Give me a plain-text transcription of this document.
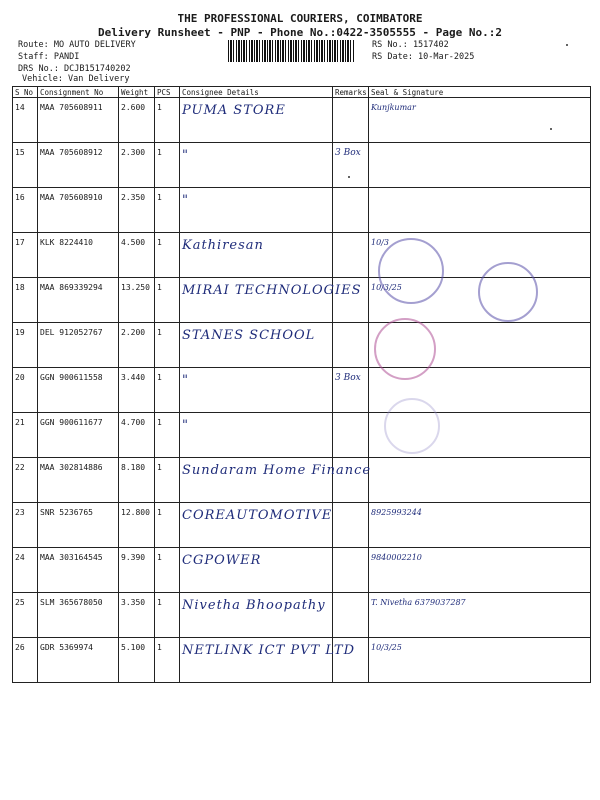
THE PROFESSIONAL COURIERS, COIMBATORE
Delivery Runsheet - PNP - Phone No.:0422-3505555 - Page No.:2
Route: MO AUTO DELIVERY
Staff: PANDI
DRS No.: DCJB151740202
Vehicle: Van Delivery
RS No.: 1517402
RS Date: 10-Mar-2025
S No	Consignment No	Weight	PCS	Consignee Details	Remarks	Seal & Signature
14	MAA 705608911	2.600	1	PUMA STORE		Kunjkumar
15	MAA 705608912	2.300	1	"	3 Box	
16	MAA 705608910	2.350	1	"		
17	KLK 8224410	4.500	1	Kathiresan		10/3
18	MAA 869339294	13.250	1	MIRAI TECHNOLOGIES		10/3/25
19	DEL 912052767	2.200	1	STANES SCHOOL		
20	GGN 900611558	3.440	1	"	3 Box	
21	GGN 900611677	4.700	1	"		
22	MAA 302814886	8.180	1	Sundaram Home Finance		
23	SNR 5236765	12.800	1	COREAUTOMOTIVE		8925993244
24	MAA 303164545	9.390	1	CGPOWER		9840002210
25	SLM 365678050	3.350	1	Nivetha Bhoopathy		T. Nivetha 6379037287
26	GDR 5369974	5.100	1	NETLINK ICT PVT LTD		10/3/25
